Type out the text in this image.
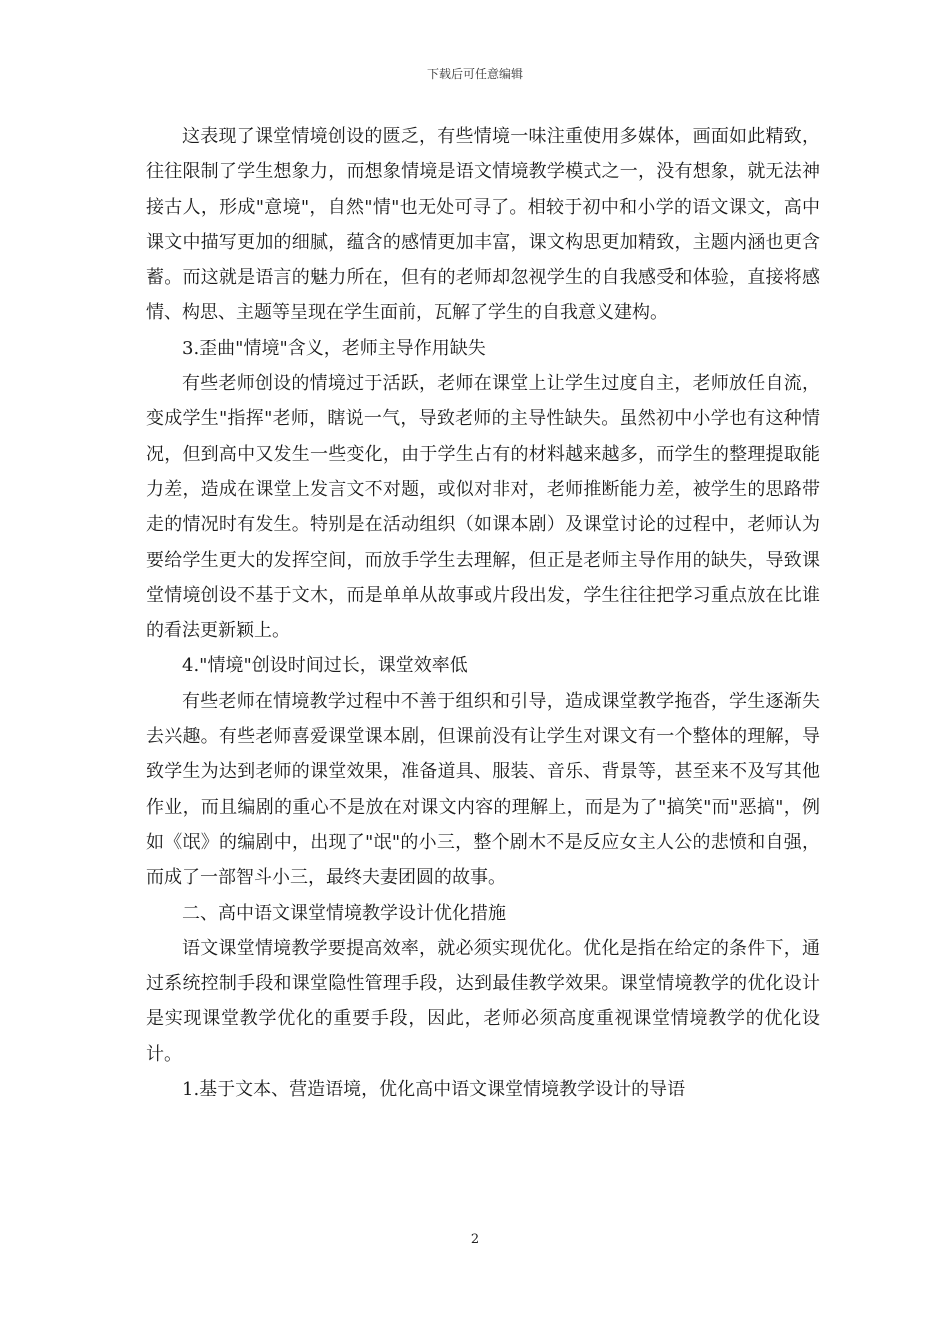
下载后可任意编辑

这表现了课堂情境创设的匮乏，有些情境一味注重使用多媒体，画面如此精致，往往限制了学生想象力，而想象情境是语文情境教学模式之一，没有想象，就无法神接古人，形成"意境"，自然"情"也无处可寻了。相较于初中和小学的语文课文，高中课文中描写更加的细腻，蕴含的感情更加丰富，课文构思更加精致，主题内涵也更含蓄。而这就是语言的魅力所在，但有的老师却忽视学生的自我感受和体验，直接将感情、构思、主题等呈现在学生面前，瓦解了学生的自我意义建构。

3.歪曲"情境"含义，老师主导作用缺失

有些老师创设的情境过于活跃，老师在课堂上让学生过度自主，老师放任自流，变成学生"指挥"老师，瞎说一气，导致老师的主导性缺失。虽然初中小学也有这种情况，但到高中又发生一些变化，由于学生占有的材料越来越多，而学生的整理提取能力差，造成在课堂上发言文不对题，或似对非对，老师推断能力差，被学生的思路带走的情况时有发生。特别是在活动组织（如课本剧）及课堂讨论的过程中，老师认为要给学生更大的发挥空间，而放手学生去理解，但正是老师主导作用的缺失，导致课堂情境创设不基于文木，而是单单从故事或片段出发，学生往往把学习重点放在比谁的看法更新颖上。

4."情境"创设时间过长，课堂效率低

有些老师在情境教学过程中不善于组织和引导，造成课堂教学拖沓，学生逐渐失去兴趣。有些老师喜爱课堂课本剧，但课前没有让学生对课文有一个整体的理解，导致学生为达到老师的课堂效果，准备道具、服装、音乐、背景等，甚至来不及写其他作业，而且编剧的重心不是放在对课文内容的理解上，而是为了"搞笑"而"恶搞"，例如《氓》的编剧中，出现了"氓"的小三，整个剧木不是反应女主人公的悲愤和自强，而成了一部智斗小三，最终夫妻团圆的故事。

二、高中语文课堂情境教学设计优化措施

语文课堂情境教学要提高效率，就必须实现优化。优化是指在给定的条件下，通过系统控制手段和课堂隐性管理手段，达到最佳教学效果。课堂情境教学的优化设计是实现课堂教学优化的重要手段，因此，老师必须高度重视课堂情境教学的优化设计。

1.基于文本、营造语境，优化高中语文课堂情境教学设计的导语

2
